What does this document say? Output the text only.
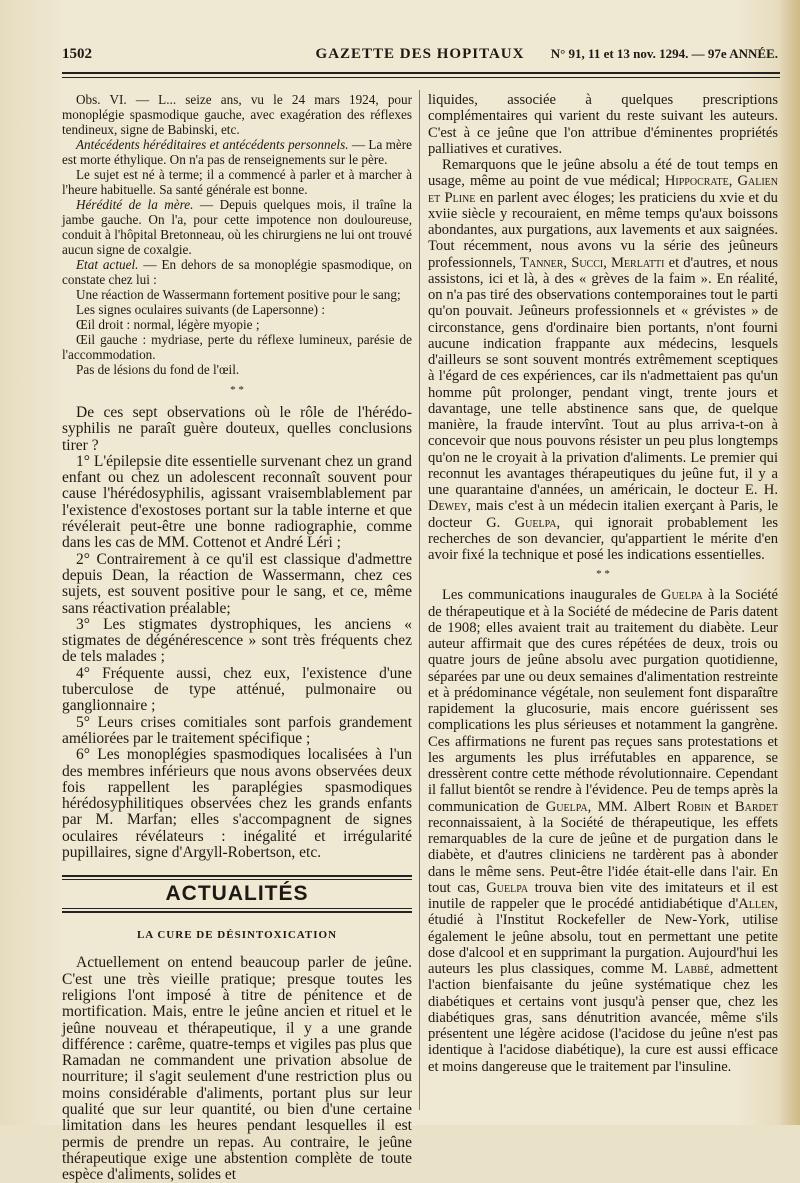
1502	GAZETTE DES HOPITAUX	N° 91, 11 et 13 nov. 1294. — 97e ANNÉE.

Obs. VI. — L... seize ans, vu le 24 mars 1924, pour monoplégie spasmodique gauche, avec exagération des réflexes tendineux, signe de Babinski, etc.

Antécédents héréditaires et antécédents personnels. — La mère est morte éthylique. On n'a pas de renseignements sur le père.

Le sujet est né à terme; il a commencé à parler et à marcher à l'heure habituelle. Sa santé générale est bonne.

Hérédité de la mère. — Depuis quelques mois, il traîne la jambe gauche. On l'a, pour cette impotence non douloureuse, conduit à l'hôpital Bretonneau, où les chirurgiens ne lui ont trouvé aucun signe de coxalgie.

Etat actuel. — En dehors de sa monoplégie spasmodique, on constate chez lui :

Une réaction de Wassermann fortement positive pour le sang;

Les signes oculaires suivants (de Lapersonne) :

Œil droit : normal, légère myopie ;

Œil gauche : mydriase, perte du réflexe lumineux, parésie de l'accommodation.

Pas de lésions du fond de l'œil.

* *

De ces sept observations où le rôle de l'hérédo-syphilis ne paraît guère douteux, quelles conclusions tirer ?

1° L'épilepsie dite essentielle survenant chez un grand enfant ou chez un adolescent reconnaît souvent pour cause l'hérédosyphilis, agissant vraisemblablement par l'existence d'exostoses portant sur la table interne et que révélerait peut-être une bonne radiographie, comme dans les cas de MM. Cottenot et André Léri ;

2° Contrairement à ce qu'il est classique d'admettre depuis Dean, la réaction de Wassermann, chez ces sujets, est souvent positive pour le sang, et ce, même sans réactivation préalable;

3° Les stigmates dystrophiques, les anciens « stigmates de dégénérescence » sont très fréquents chez de tels malades ;

4° Fréquente aussi, chez eux, l'existence d'une tuberculose de type atténué, pulmonaire ou ganglionnaire ;

5° Leurs crises comitiales sont parfois grandement améliorées par le traitement spécifique ;

6° Les monoplégies spasmodiques localisées à l'un des membres inférieurs que nous avons observées deux fois rappellent les paraplégies spasmodiques hérédosyphilitiques observées chez les grands enfants par M. Marfan; elles s'accompagnent de signes oculaires révélateurs : inégalité et irrégularité pupillaires, signe d'Argyll-Robertson, etc.

ACTUALITÉS
LA CURE DE DÉSINTOXICATION

Actuellement on entend beaucoup parler de jeûne. C'est une très vieille pratique; presque toutes les religions l'ont imposé à titre de pénitence et de mortification. Mais, entre le jeûne ancien et rituel et le jeûne nouveau et thérapeutique, il y a une grande différence : carême, quatre-temps et vigiles pas plus que Ramadan ne commandent une privation absolue de nourriture; il s'agit seulement d'une restriction plus ou moins considérable d'aliments, portant plus sur leur qualité que sur leur quantité, ou bien d'une certaine limitation dans les heures pendant lesquelles il est permis de prendre un repas. Au contraire, le jeûne thérapeutique exige une abstention complète de toute espèce d'aliments, solides et

liquides, associée à quelques prescriptions complémentaires qui varient du reste suivant les auteurs. C'est à ce jeûne que l'on attribue d'éminentes propriétés palliatives et curatives.

Remarquons que le jeûne absolu a été de tout temps en usage, même au point de vue médical; Hippocrate, Galien et Pline en parlent avec éloges; les praticiens du xvie et du xviie siècle y recouraient, en même temps qu'aux boissons abondantes, aux purgations, aux lavements et aux saignées. Tout récemment, nous avons vu la série des jeûneurs professionnels, Tanner, Succi, Merlatti et d'autres, et nous assistons, ici et là, à des « grèves de la faim ». En réalité, on n'a pas tiré des observations contemporaines tout le parti qu'on pouvait. Jeûneurs professionnels et « grévistes » de circonstance, gens d'ordinaire bien portants, n'ont fourni aucune indication frappante aux médecins, lesquels d'ailleurs se sont souvent montrés extrêmement sceptiques à l'égard de ces expériences, car ils n'admettaient pas qu'un homme pût prolonger, pendant vingt, trente jours et davantage, une telle abstinence sans que, de quelque manière, la fraude intervînt. Tout au plus arriva-t-on à concevoir que nous pouvons résister un peu plus longtemps qu'on ne le croyait à la privation d'aliments. Le premier qui reconnut les avantages thérapeutiques du jeûne fut, il y a une quarantaine d'années, un américain, le docteur E. H. Dewey, mais c'est à un médecin italien exerçant à Paris, le docteur G. Guelpa, qui ignorait probablement les recherches de son devancier, qu'appartient le mérite d'en avoir fixé la technique et posé les indications essentielles.

* *

Les communications inaugurales de Guelpa à la Société de thérapeutique et à la Société de médecine de Paris datent de 1908; elles avaient trait au traitement du diabète. Leur auteur affirmait que des cures répétées de deux, trois ou quatre jours de jeûne absolu avec purgation quotidienne, séparées par une ou deux semaines d'alimentation restreinte et à prédominance végétale, non seulement font disparaître rapidement la glucosurie, mais encore guérissent ses complications les plus sérieuses et notamment la gangrène. Ces affirmations ne furent pas reçues sans protestations et les arguments les plus irréfutables en apparence, se dressèrent contre cette méthode révolutionnaire. Cependant il fallut bientôt se rendre à l'évidence. Peu de temps après la communication de Guelpa, MM. Albert Robin et Bardet reconnaissaient, à la Société de thérapeutique, les effets remarquables de la cure de jeûne et de purgation dans le diabète, et d'autres cliniciens ne tardèrent pas à abonder dans le même sens. Peut-être l'idée était-elle dans l'air. En tout cas, Guelpa trouva bien vite des imitateurs et il est inutile de rappeler que le procédé antidiabétique d'Allen, étudié à l'Institut Rockefeller de New-York, utilise également le jeûne absolu, tout en permettant une petite dose d'alcool et en supprimant la purgation. Aujourd'hui les auteurs les plus classiques, comme M. Labbé, admettent l'action bienfaisante du jeûne systématique chez les diabétiques et certains vont jusqu'à penser que, chez les diabétiques gras, sans dénutrition avancée, même s'ils présentent une légère acidose (l'acidose du jeûne n'est pas identique à l'acidose diabétique), la cure est aussi efficace et moins dangereuse que le traitement par l'insuline.
